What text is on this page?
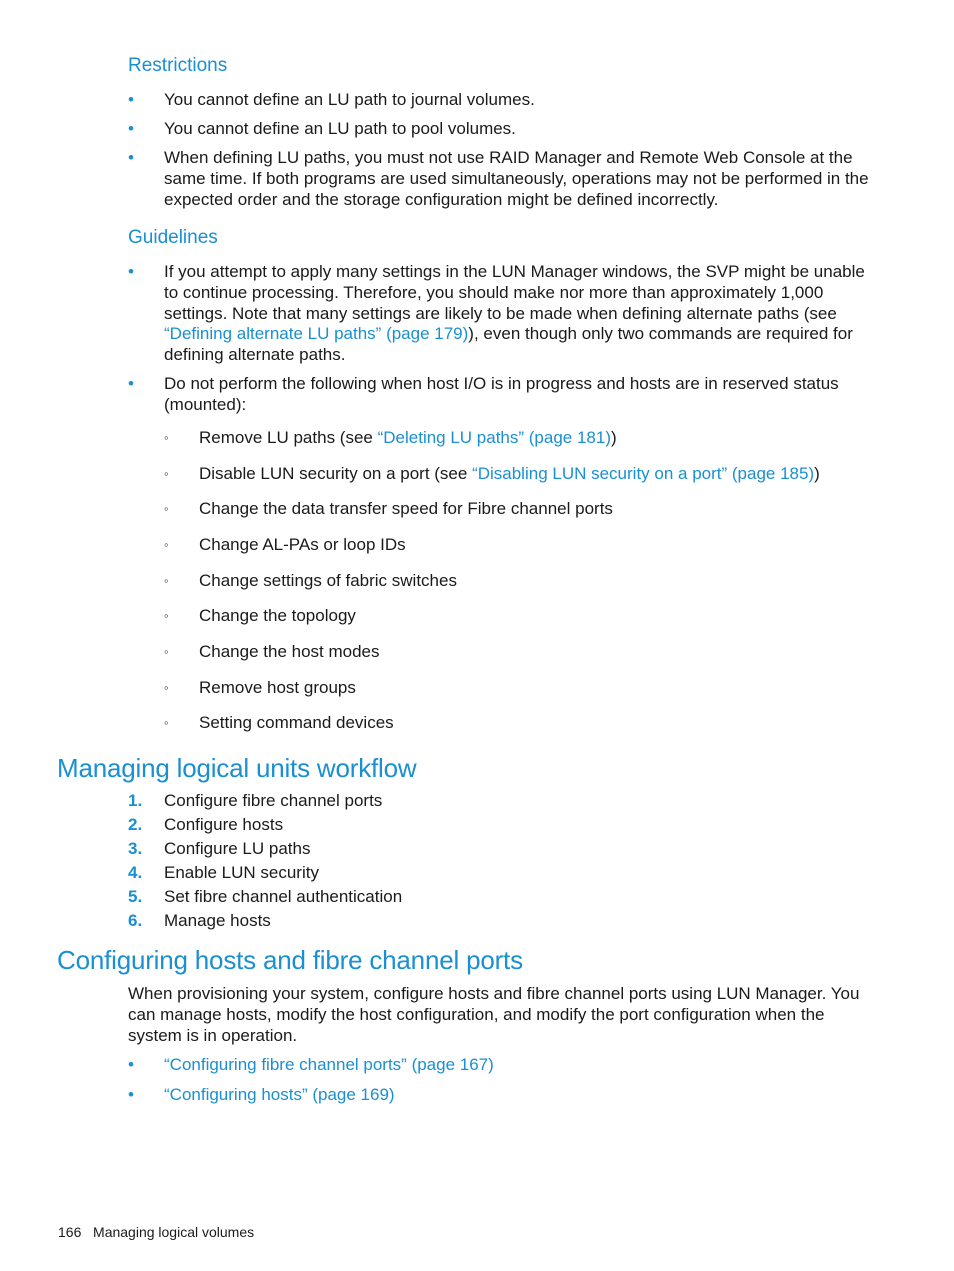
Restrictions
• You cannot define an LU path to journal volumes.

• You cannot define an LU path to pool volumes.

• When defining LU paths, you must not use RAID Manager and Remote Web Console at the same time. If both programs are used simultaneously, operations may not be performed in the expected order and the storage configuration might be defined incorrectly.

Guidelines
• If you attempt to apply many settings in the LUN Manager windows, the SVP might be unable to continue processing. Therefore, you should make nor more than approximately 1,000 settings. Note that many settings are likely to be made when defining alternate paths (see “Defining alternate LU paths” (page 179)), even though only two commands are required for defining alternate paths.

• Do not perform the following when host I/O is in progress and hosts are in reserved status (mounted):

◦ Remove LU paths (see “Deleting LU paths” (page 181))

◦ Disable LUN security on a port (see “Disabling LUN security on a port” (page 185))

◦ Change the data transfer speed for Fibre channel ports

◦ Change AL-PAs or loop IDs

◦ Change settings of fabric switches

◦ Change the topology

◦ Change the host modes

◦ Remove host groups

◦ Setting command devices

Managing logical units workflow
1. Configure fibre channel ports
2. Configure hosts
3. Configure LU paths
4. Enable LUN security
5. Set fibre channel authentication
6. Manage hosts
Configuring hosts and fibre channel ports

When provisioning your system, configure hosts and fibre channel ports using LUN Manager. You can manage hosts, modify the host configuration, and modify the port configuration when the system is in operation.

• “Configuring fibre channel ports” (page 167)
• “Configuring hosts” (page 169)
166 Managing logical volumes
